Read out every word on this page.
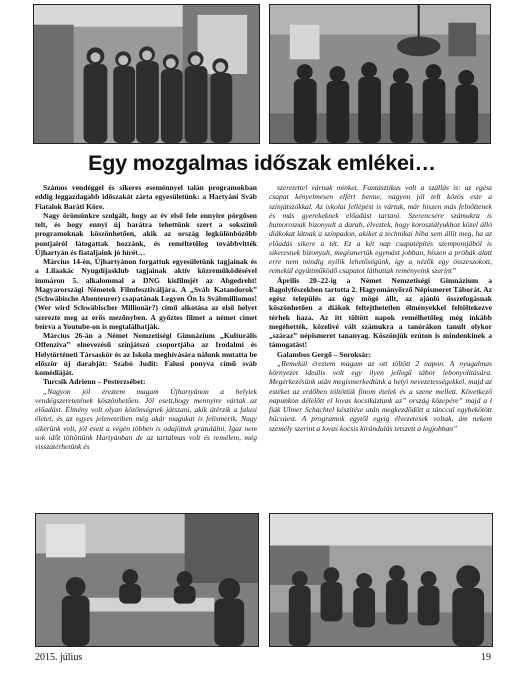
Egy mozgalmas időszak emlékei…

Számos vendéggel és sikeres eseménnyel talán programokban eddig leggazdagabb időszakát zárta egyesületünk: a Hartyáni Sváb Fiatalok Baráti Köre.

Nagy örömünkre szolgált, hogy az év első fele ennyire pörgősen telt, és hogy ennyi új barátra tehettünk szert a sokszínű programoknak köszönhetően, akik az ország legkülönbözőbb pontjairól látogattak hozzánk, és reméltetőleg továbbvitték Újhartyán és fiataljaink jó hírét…

Március 14-én, Újhartyánon forgattuk egyesületünk tagjainak és a Lilaakác Nyugdíjasklub tagjainak aktív közreműködésével immáron 5. alkalommal a DNG kisfilmjét az Abgedreht! Magyarországi Németek Filmfesztiváljára. A „Sváb Katandorok” (Schwäbische Abenteurer) csapatának Legyen Ön Is Svábmilliomos! (Wer wird Schwäbischer Millionär?) című alkotása az első helyet szerezte meg az erős mezőnyben. A győztes filmet a német címet beírva a Youtube-on is megtalálhatják.

Március 26-án a Német Nemzetiségi Gimnázium „Kulturális Offenzíva” elnevezésű színjátszó csoportjába az Irodalmi és Helytörténeti Társaskör és az Iskola meghívására nálunk mutatta be először új darabját: Szabó Judit: Falusi ponyva című sváb komédiáját.

Turcsik Adrienn – Pesterzsébet:

„Nagyon jól éreztem magam Újhartyánon a helyiek vendégszeretetének köszönhetően. Jól esett,hogy mennyire vártak az előadást. Élmény volt olyan közönségnek játszani, akik átérzik a falusi életet, és az egyes jeleneteiben még akár magukat is felismerik. Nagy sikerünk volt, jól esett a végén többen is odajöttek gratulálni. Igaz nem sok időt töltöttünk Hartyánban de az tartalmas volt és remélem, még visszatérhetünk és

szeretettel várnak minket. Fantasztikus volt a szállás is: az egész csapat kényelmesen elfért benne, nagyon jól telt közös este a színjátszókkal. Az iskolai fellépést is vártuk, már hiszen más felnőttenek és más gyerekeknek előadást tartani. Szerencsére számukra is humorosnak bizonyult a darab, élveztek, hogy korosztályukhoz közel álló diákokat látnak a színpadon, akiket a technikai hiba sem állít meg, ha az előadás sikere a tét. Ez a két nap csapatépítés szempontjából is sikeresnek bizonyult, megismertük egymást jobban, hiszen a próbák alatt erre nem mindig nyílik lehetőségünk, így a nézők egy összeszokott, remekül együttműködő csapatot láthattak reményeink szerint”

Április 20–22-ig a Német Nemzetiségi Gimnázium a Bagolyfészekben tartotta 2. Hagyományőrző Népismeret Táborát. Az egész település az úgy mögé állt, az ajánló összefogásnak köszönhetően a diákok feltejthetetlen élményekkel feltöltekezve térhek haza. Az itt töltött napok remélhetőleg még inkább megéhették, közelivé vált számukra a tanórákon tanult olykor „száraz” népismeret tananyag. Köszönjük ezúton is mindenkinek a támogatást!

Galambos Gergő – Soroksár:

„Remekül éreztem magam az ott töltött 2 napon. A nyugalmas környezet ideális volt egy ilyen jellegű tábor lebonyolítására. Megérkezésünk után megismerkedtünk a helyi nevezetességekkel, majd az estéket az erdőben töltöttük finom ételek és a szene mellett. Következő napunkon délelőtt el lovas kocsikáztunk az” ország közepére” majd a l fiák Ulmer Schachtel készítése után megkezdődött a tánccal egybekötött búcsúest. A programok egytől egyig élvezetesek voltak, ám nekem személy szerint a lovas kocsis kirándulás tetszett a legjobban”

2015. július	19
